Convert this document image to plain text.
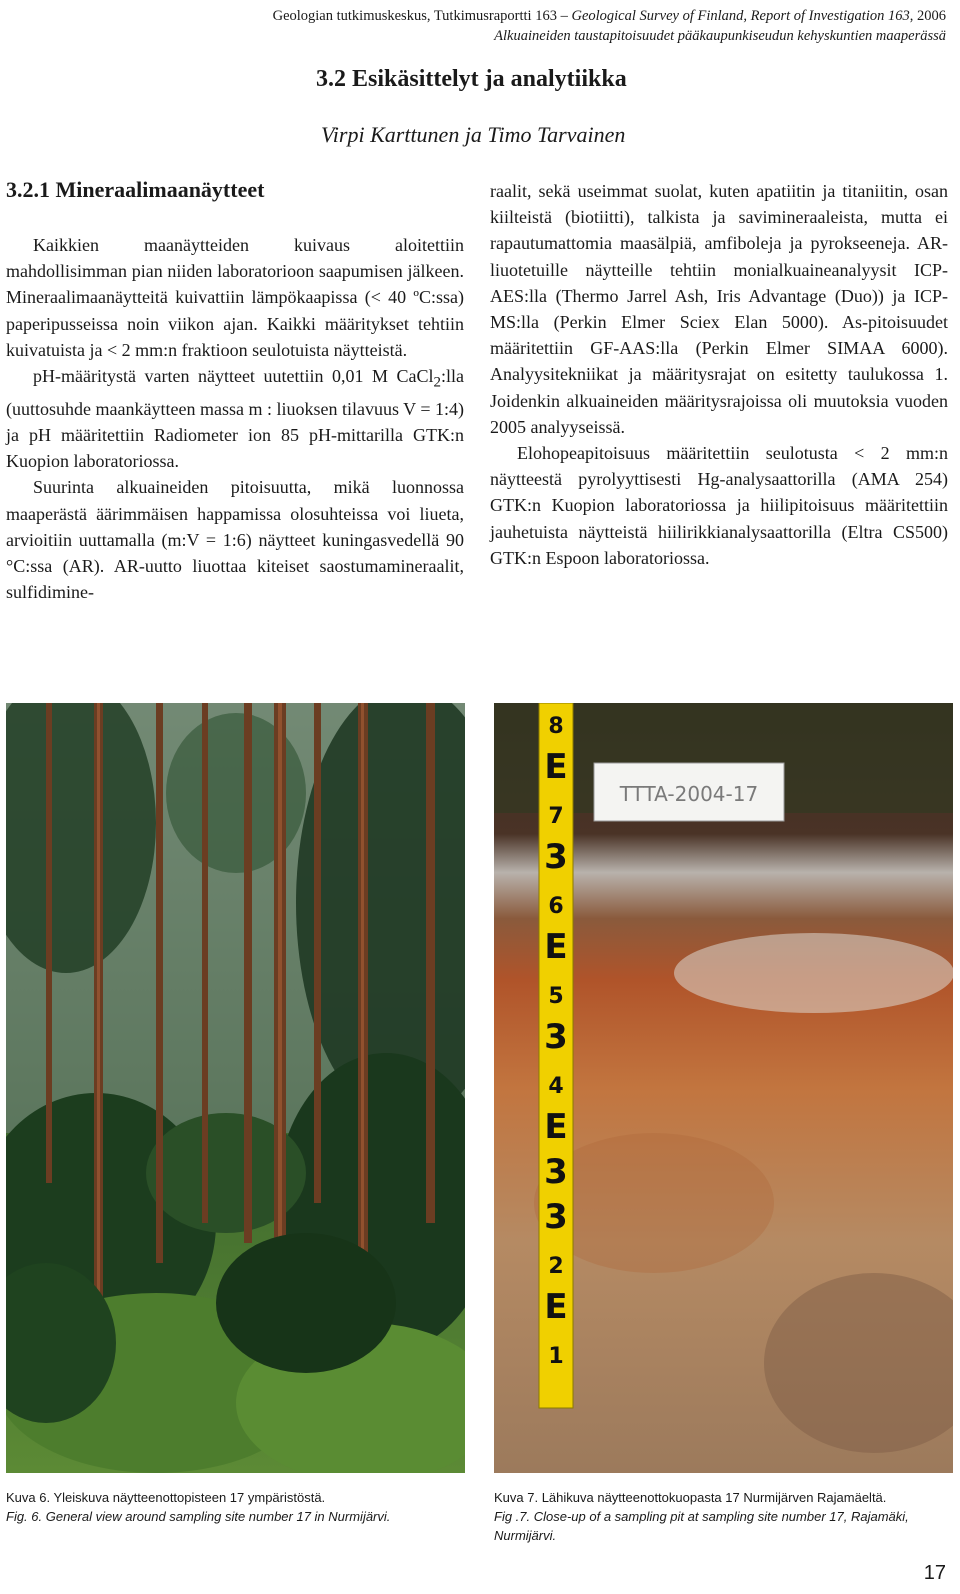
Geologian tutkimuskeskus, Tutkimusraportti 163 – Geological Survey of Finland, Report of Investigation 163, 2006
Alkuaineiden taustapitoisuudet pääkaupunkiseudun kehyskuntien maaperässä
3.2 Esikäsittelyt ja analytiikka
Virpi Karttunen ja Timo Tarvainen
3.2.1 Mineraalimaanäytteet

Kaikkien maanäytteiden kuivaus aloitettiin mahdollisimman pian niiden laboratorioon saapumisen jälkeen. Mineraalimaanäytteitä kuivattiin lämpökaapissa (< 40 ºC:ssa) paperipusseissa noin viikon ajan. Kaikki määritykset tehtiin kuivatuista ja < 2 mm:n fraktioon seulotuista näytteistä.

pH-määritystä varten näytteet uutettiin 0,01 M CaCl$_2$:lla (uuttosuhde maankäytteen massa m : liuoksen tilavuus V = 1:4) ja pH määritettiin Radiometer ion 85 pH-mittarilla GTK:n Kuopion laboratoriossa.

Suurinta alkuaineiden pitoisuutta, mikä luonnossa maaperästä äärimmäisen happamissa olosuhteissa voi liueta, arvioitiin uuttamalla (m:V = 1:6) näytteet kuningasvedellä 90 °C:ssa (AR). AR-uutto liuottaa kiteiset saostumamineraalit, sulfidimine-

raalit, sekä useimmat suolat, kuten apatiitin ja titaniitin, osan kiilteistä (biotiitti), talkista ja savimineraaleista, mutta ei rapautumattomia maasälpiä, amfiboleja ja pyrokseeneja. AR-liuotetuille näytteille tehtiin monialkuaineanalyysit ICP-AES:lla (Thermo Jarrel Ash, Iris Advantage (Duo)) ja ICP-MS:lla (Perkin Elmer Sciex Elan 5000). As-pitoisuudet määritettiin GF-AAS:lla (Perkin Elmer SIMAA 6000). Analyysitekniikat ja määritysrajat on esitetty taulukossa 1. Joidenkin alkuaineiden määritysrajoissa oli muutoksia vuoden 2005 analyyseissä.

Elohopeapitoisuus määritettiin seulotusta < 2 mm:n näytteestä pyrolyyttisesti Hg-analysaattorilla (AMA 254) GTK:n Kuopion laboratoriossa ja hiilipitoisuus määritettiin jauhetuista näytteistä hiilirikkianalysaattorilla (Eltra CS500) GTK:n Espoon laboratoriossa.

TTTA-2004-17
8
E
7
3
6
E
5
3
4
E
3
3
2
E
1
Kuva 6. Yleiskuva näytteenottopisteen 17 ympäristöstä.
Fig. 6. General view around sampling site number 17 in Nurmijärvi.
Kuva 7. Lähikuva näytteenottokuopasta 17 Nurmijärven Rajamäeltä.
Fig .7. Close-up of a sampling pit at sampling site number 17, Rajamäki, Nurmijärvi.
17
